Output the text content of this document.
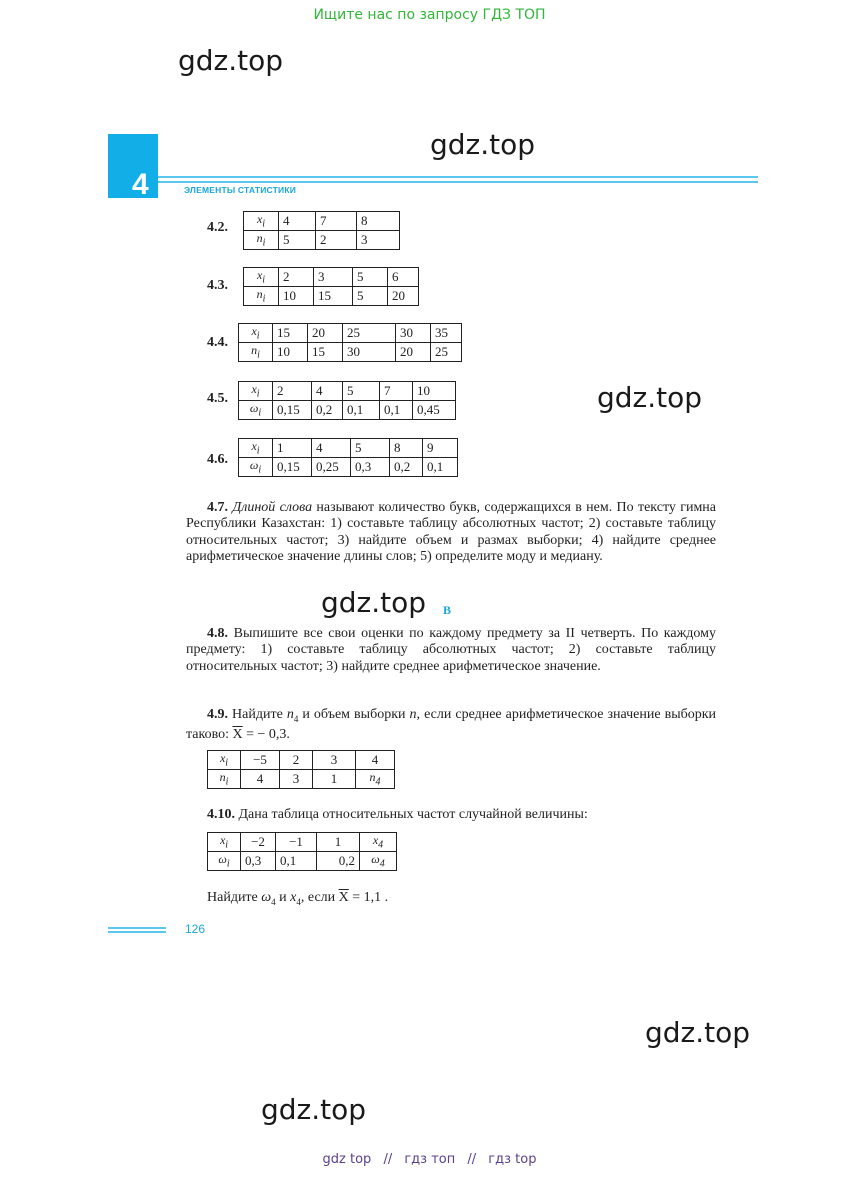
Ищите нас по запросу ГДЗ ТОП
gdz.top
gdz.top
gdz.top
gdz.top
gdz.top
gdz.top
4	ЭЛЕМЕНТЫ СТАТИСТИКИ
4.2.
$x_i$	4	7	8
$n_i$	5	2	3
4.3.
$x_i$	2	3	5	6
$n_i$	10	15	5	20
4.4.
$x_i$	15	20	25	30	35
$n_i$	10	15	30	20	25
4.5.
$x_i$	2	4	5	7	10
$\omega_i$	0,15	0,2	0,1	0,1	0,45
4.6.
$x_i$	1	4	5	8	9
$\omega_i$	0,15	0,25	0,3	0,2	0,1
4.7. Длиной слова называют количество букв, содержащихся в нем. По тексту гимна Республики Казахстан: 1) составьте таблицу абсолютных частот; 2) составьте таблицу относительных частот; 3) найдите объем и размах выборки; 4) найдите среднее арифметическое значение длины слов; 5) определите моду и медиану.
B
4.8. Выпишите все свои оценки по каждому предмету за II четверть. По каждому предмету: 1) составьте таблицу абсолютных частот; 2) составьте таблицу относительных частот; 3) найдите среднее арифметическое значение.
4.9. Найдите $n_4$ и объем выборки n, если среднее арифметическое значение выборки таково: $\overline{X}$ = − 0,3.
$x_i$	−5	2	3	4
$n_i$	4	3	1	$n_4$
4.10. Дана таблица относительных частот случайной величины:
$x_i$	−2	−1	1	$x_4$
$\omega_i$	0,3	0,1	0,2	$\omega_4$
Найдите $\omega_4$ и $x_4$, если $\overline{X} = 1,1$ .
126
gdz top // гдз топ // гдз top
